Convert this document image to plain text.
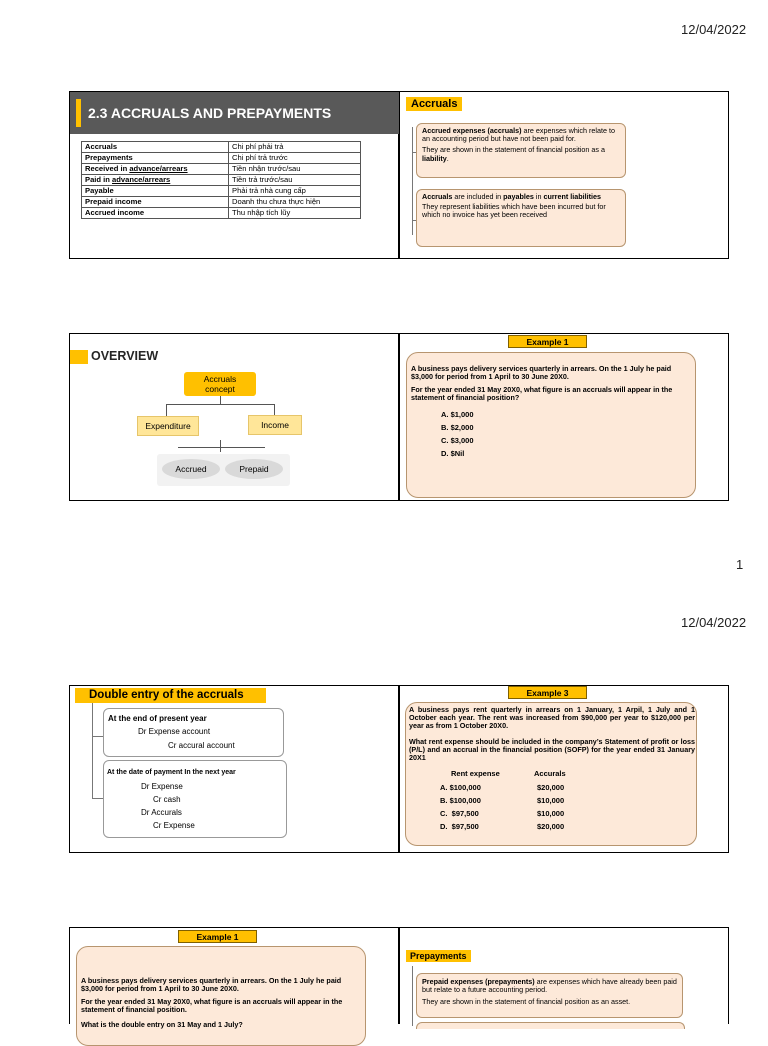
12/04/2022
2.3 ACCRUALS AND PREPAYMENTS
Accruals	Chi phí phải trả
Prepayments	Chi phí trả trước
Received in advance/arrears	Tiền nhận trước/sau
Paid in advance/arrears	Tiền trả trước/sau
Payable	Phải trả nhà cung cấp
Prepaid income	Doanh thu chưa thực hiện
Accrued income	Thu nhập tích lũy
Accruals
Accrued expenses (accruals) are expenses which relate to an accounting period but have not been paid for.
They are shown in the statement of financial position as a liability.
Accruals are included in payables in current liabilities
They represent liabilities which have been incurred but for which no invoice has yet been received
OVERVIEW
Accruals concept
Expenditure	Income
Accrued	Prepaid
Example 1
A business pays delivery services quarterly in arrears. On the 1 July he paid $3,000 for period from 1 April to 30 June 20X0.
For the year ended 31 May 20X0, what figure is an accruals will appear in the statement of financial position?
A. $1,000
B. $2,000
C. $3,000
D. $Nil
1
12/04/2022
Double entry of the accruals
At the end of present year
Dr Expense account
Cr accural account
At the date of payment In the next year
Dr Expense
Cr cash
Dr Accurals
Cr Expense
Example 3
A business pays rent quarterly in arrears on 1 January, 1 Arpil, 1 July and 1 October each year. The rent was increased from $90,000 per year to $120,000 per year as from 1 October 20X0.
What rent expense should be included in the company’s Statement of profit or loss (P/L) and an accrual in the financial position (SOFP) for the year ended 31 January 20X1
Rent expense	Accurals
A. $100,000	$20,000
B. $100,000	$10,000
C. $97,500	$10,000
D. $97,500	$20,000
Example 1
A business pays delivery services quarterly in arrears. On the 1 July he paid $3,000 for period from 1 April to 30 June 20X0.
For the year ended 31 May 20X0, what figure is an accruals will appear in the statement of financial position.
What is the double entry on 31 May and 1 July?
Prepayments
Prepaid expenses (prepayments) are expenses which have already been paid but relate to a future accounting period.
They are shown in the statement of financial position as an asset.
